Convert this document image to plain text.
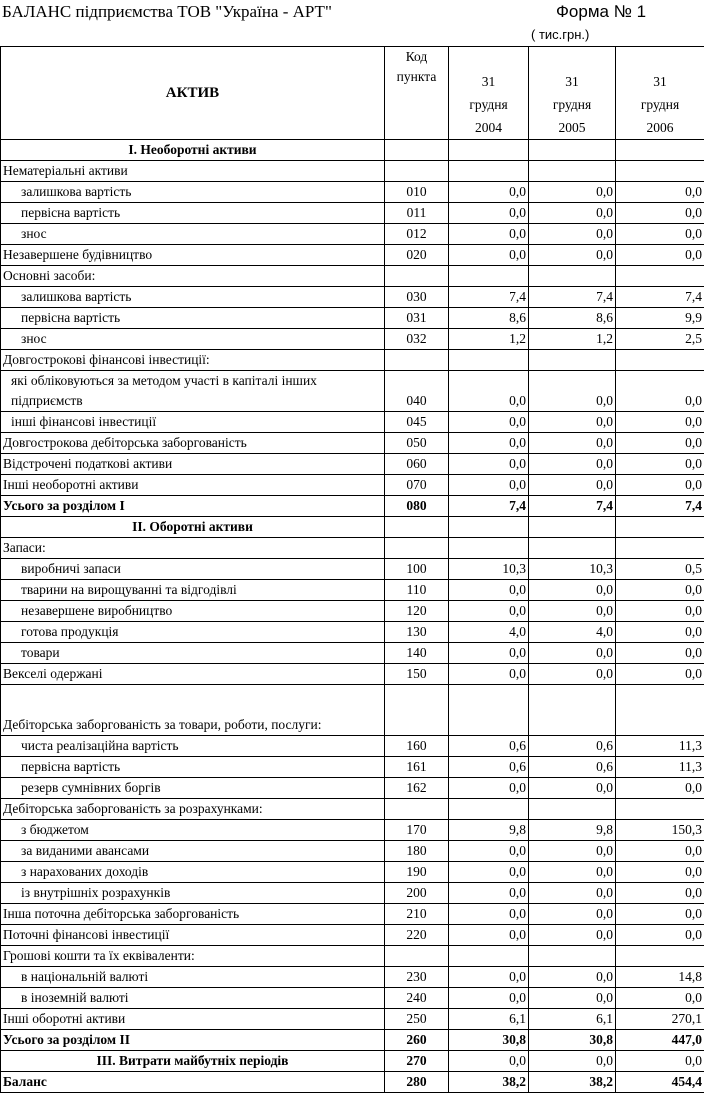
БАЛАНС підприємства ТОВ "Україна - АРТ"	Форма № 1
( тис.грн.)
АКТИВ	Код пункта	31
грудня
2004	31
грудня
2005	31
грудня
2006
І. Необоротні активи				
Нематеріальні активи				
залишкова вартість	010	0,0	0,0	0,0
первісна вартість	011	0,0	0,0	0,0
знос	012	0,0	0,0	0,0
Незавершене будівництво	020	0,0	0,0	0,0
Основні засоби:				
залишкова вартість	030	7,4	7,4	7,4
первісна вартість	031	8,6	8,6	9,9
знос	032	1,2	1,2	2,5
Довгострокові фінансові інвестиції:				
які обліковуються за методом участі в капіталі інших підприємств	040	0,0	0,0	0,0
інші фінансові інвестиції	045	0,0	0,0	0,0
Довгострокова дебіторська заборгованість	050	0,0	0,0	0,0
Відстрочені податкові активи	060	0,0	0,0	0,0
Інші необоротні активи	070	0,0	0,0	0,0
Усього за розділом І	080	7,4	7,4	7,4
ІІ. Оборотні активи				
Запаси:				
виробничі запаси	100	10,3	10,3	0,5
тварини на вирощуванні та відгодівлі	110	0,0	0,0	0,0
незавершене виробництво	120	0,0	0,0	0,0
готова продукція	130	4,0	4,0	0,0
товари	140	0,0	0,0	0,0
Векселі одержані	150	0,0	0,0	0,0
Дебіторська заборгованість за товари, роботи, послуги:				
чиста реалізаційна вартість	160	0,6	0,6	11,3
первісна вартість	161	0,6	0,6	11,3
резерв сумнівних боргів	162	0,0	0,0	0,0
Дебіторська заборгованість за розрахунками:				
з бюджетом	170	9,8	9,8	150,3
за виданими авансами	180	0,0	0,0	0,0
з нарахованих доходів	190	0,0	0,0	0,0
із внутрішніх розрахунків	200	0,0	0,0	0,0
Інша поточна дебіторська заборгованість	210	0,0	0,0	0,0
Поточні фінансові інвестиції	220	0,0	0,0	0,0
Грошові кошти та їх еквіваленти:				
в національній валюті	230	0,0	0,0	14,8
в іноземній валюті	240	0,0	0,0	0,0
Інші оборотні активи	250	6,1	6,1	270,1
Усього за розділом ІІ	260	30,8	30,8	447,0
ІІІ. Витрати майбутніх періодів	270	0,0	0,0	0,0
Баланс	280	38,2	38,2	454,4
